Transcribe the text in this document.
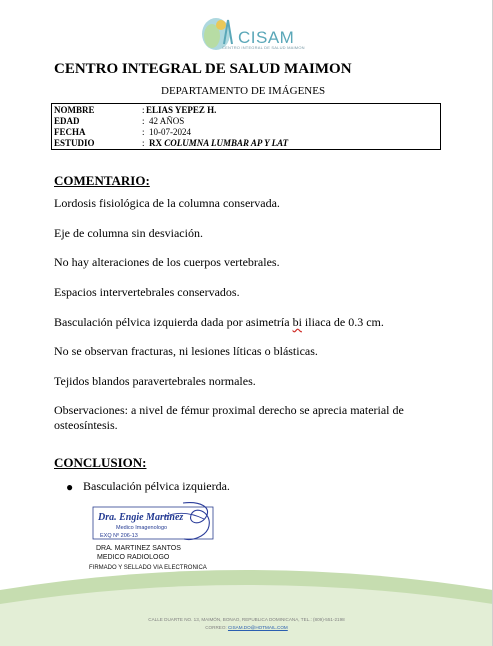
CISAM
CENTRO INTEGRAL DE SALUD MAIMON
CENTRO INTEGRAL DE SALUD MAIMON
DEPARTAMENTO DE IMÁGENES
NOMBRE	: ELIAS YEPEZ H.
EDAD	: 42 AÑOS
FECHA	: 10-07-2024
ESTUDIO	: RX COLUMNA LUMBAR AP Y LAT
COMENTARIO:
Lordosis fisiológica de la columna conservada.
Eje de columna sin desviación.
No hay alteraciones de los cuerpos vertebrales.
Espacios intervertebrales conservados.
Basculación pélvica izquierda dada por asimetría bi iliaca de 0.3 cm.
No se observan fracturas, ni lesiones líticas o blásticas.
Tejidos blandos paravertebrales normales.
Observaciones: a nivel de fémur proximal derecho se aprecia material de
osteosíntesis.
CONCLUSION:
● Basculación pélvica izquierda.
Dra. Engie Martinez
Medico Imagenologo
EXQ Nº 206-13
DRA. MARTINEZ SANTOS
MEDICO RADIOLOGO
FIRMADO Y SELLADO VIA ELECTRONICA
CALLE DUARTE NO. 13, MAIMÓN, BONAO, REPUBLICA DOMINICANA, TEL.: (809)-551-2198
CORREO: CISAM.DO@HOTMAIL.COM
